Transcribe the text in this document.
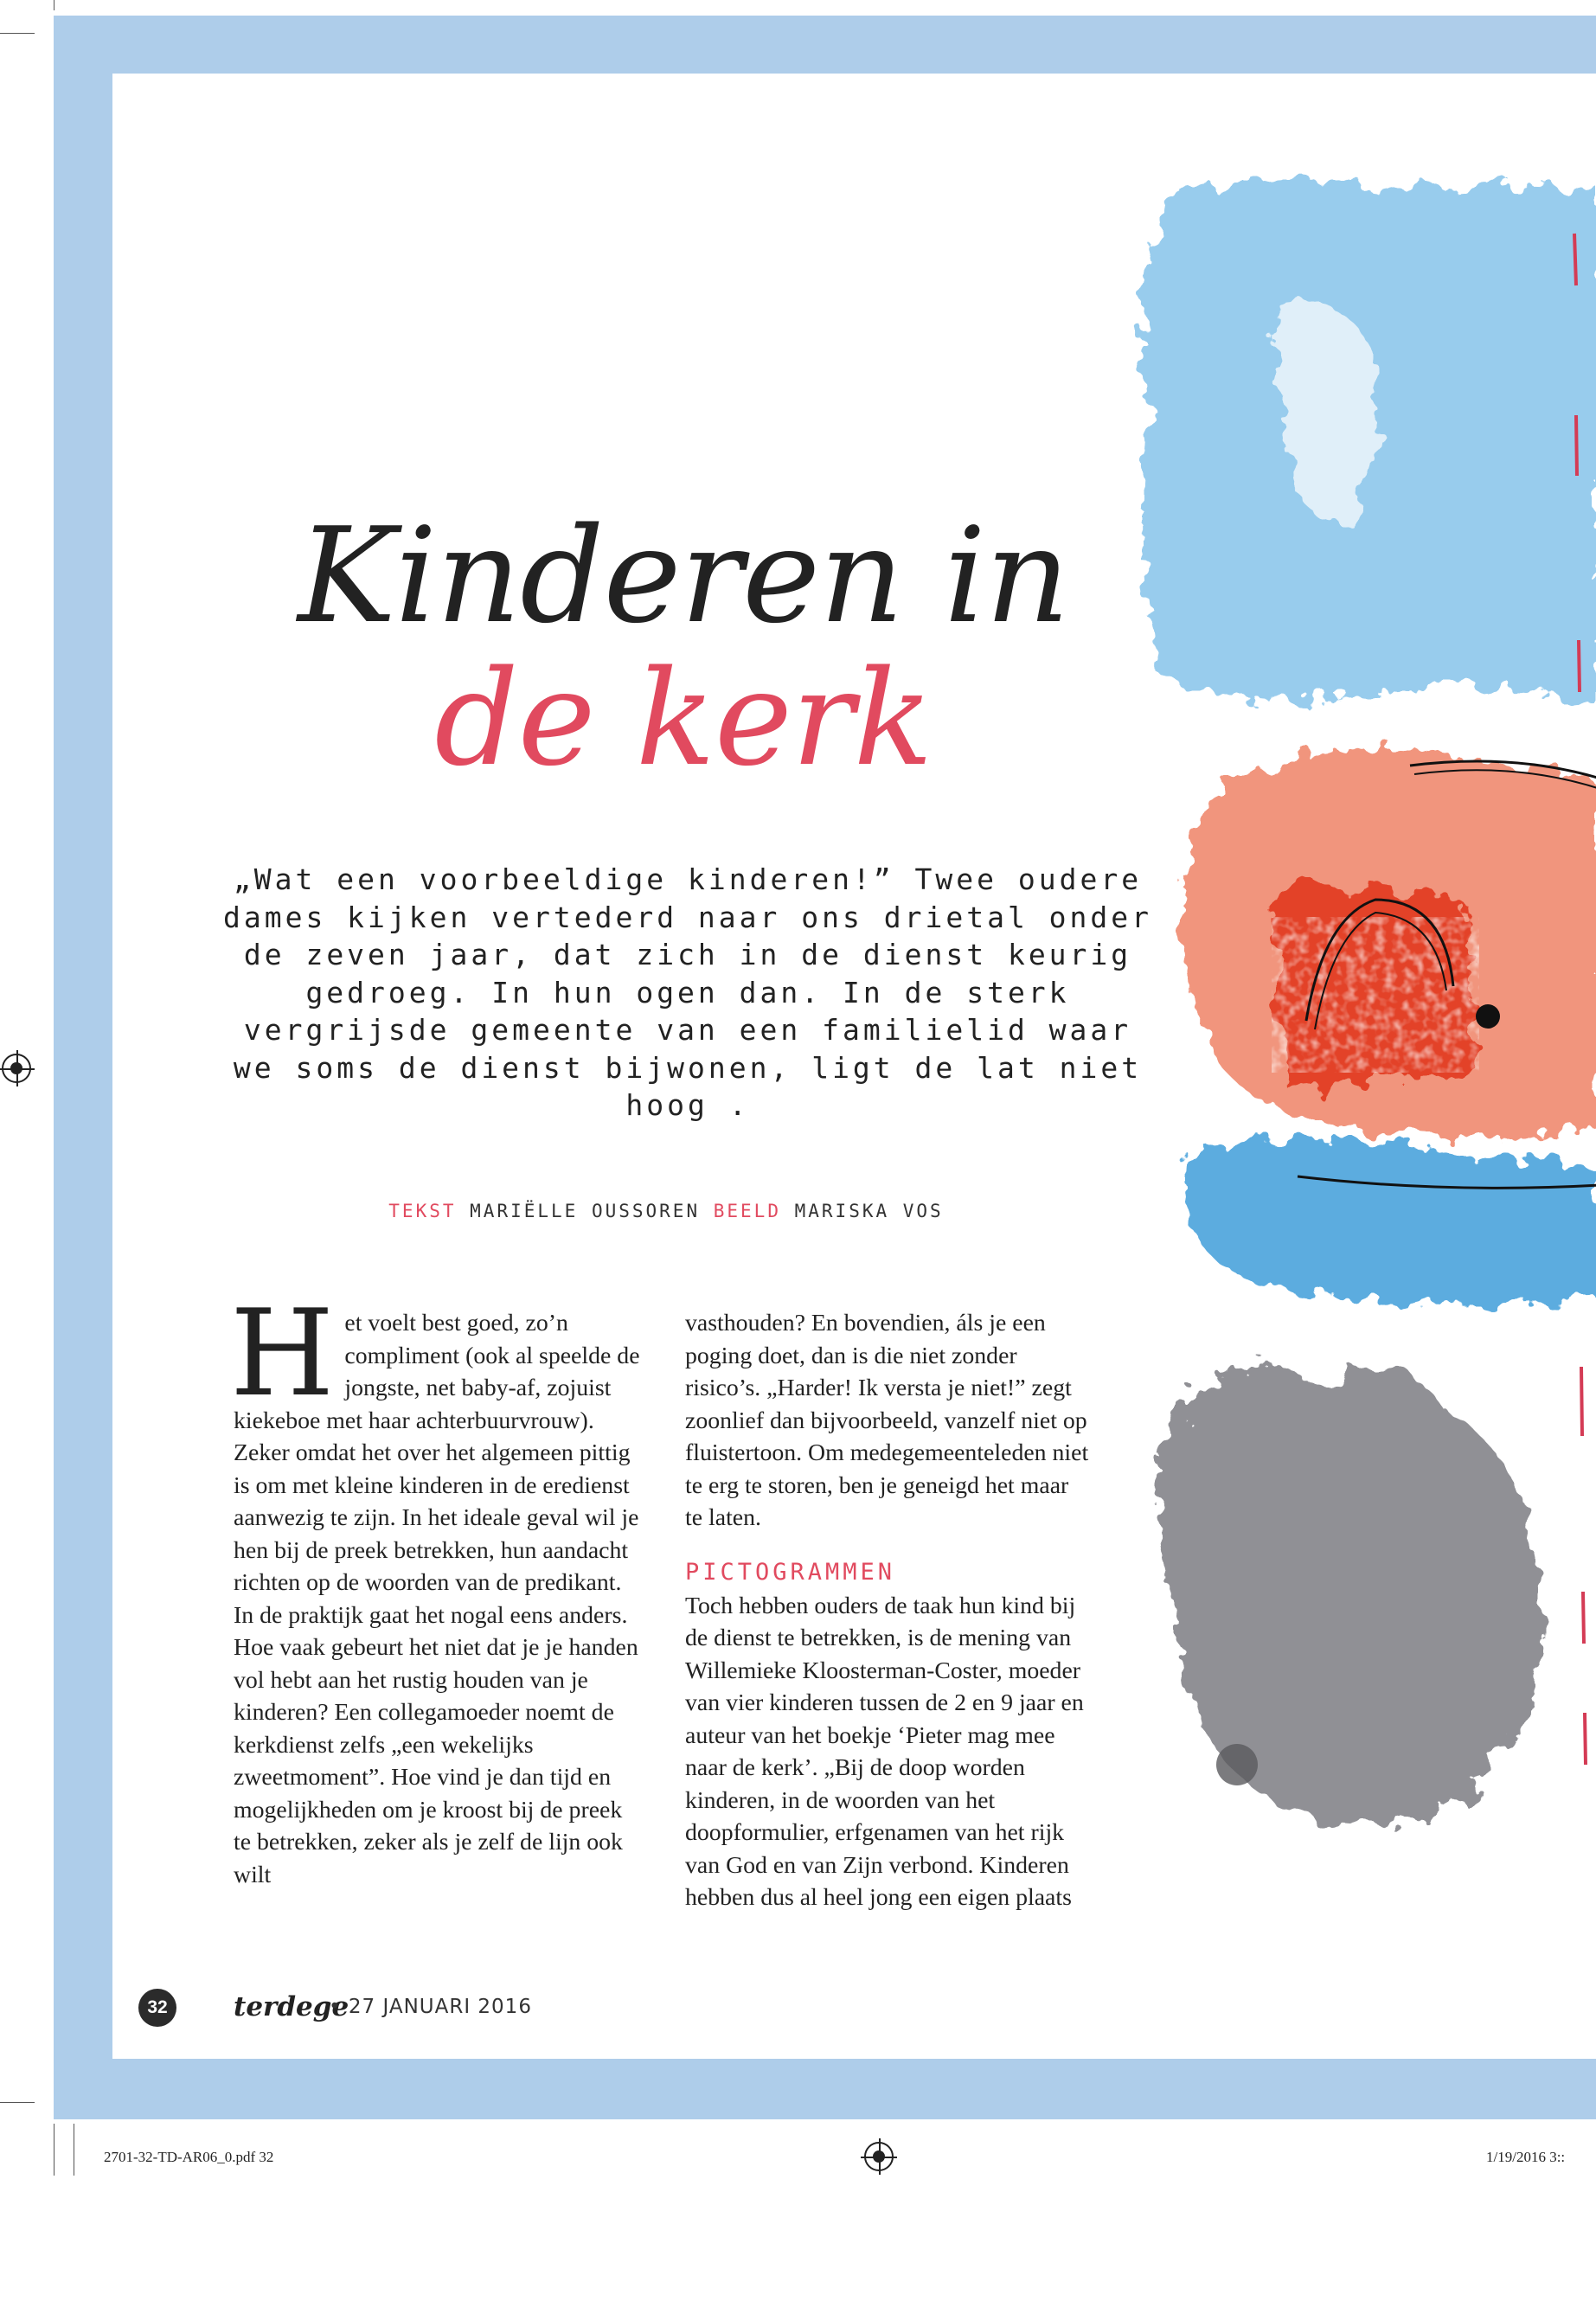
Kinderen in
de kerk

„Wat een voorbeeldige kinderen!” Twee oudere dames kijken vertederd naar ons drietal onder de zeven jaar, dat zich in de dienst keurig gedroeg. In hun ogen dan. In de sterk vergrijsde gemeente van een familielid waar we soms de dienst bijwonen, ligt de lat niet hoog .

TEKST MARIËLLE OUSSOREN BEELD MARISKA VOS

Het voelt best goed, zo’n compliment (ook al speelde de jongste, net baby-af, zojuist kiekeboe met haar achterbuurvrouw). Zeker omdat het over het algemeen pittig is om met kleine kinderen in de eredienst aanwezig te zijn. In het ideale geval wil je hen bij de preek betrekken, hun aandacht richten op de woorden van de predikant. In de praktijk gaat het nogal eens anders.

Hoe vaak gebeurt het niet dat je je handen vol hebt aan het rustig houden van je kinderen? Een collegamoeder noemt de kerkdienst zelfs „een wekelijks zweetmoment”. Hoe vind je dan tijd en mogelijkheden om je kroost bij de preek te betrekken, zeker als je zelf de lijn ook wilt

vasthouden? En bovendien, áls je een poging doet, dan is die niet zonder risico’s. „Harder! Ik versta je niet!” zegt zoonlief dan bijvoorbeeld, vanzelf niet op fluistertoon. Om medegemeenteleden niet te erg te storen, ben je geneigd het maar te laten.

PICTOGRAMMEN

Toch hebben ouders de taak hun kind bij de dienst te betrekken, is de mening van Willemieke Kloosterman-Coster, moeder van vier kinderen tussen de 2 en 9 jaar en auteur van het boekje ‘Pieter mag mee naar de kerk’. „Bij de doop worden kinderen, in de woorden van het doopformulier, erfgenamen van het rijk van God en van Zijn verbond. Kinderen hebben dus al heel jong een eigen plaats

32	terdege
• 27 JANUARI 2016
2701-32-TD-AR06_0.pdf 32	1/19/2016 3::
